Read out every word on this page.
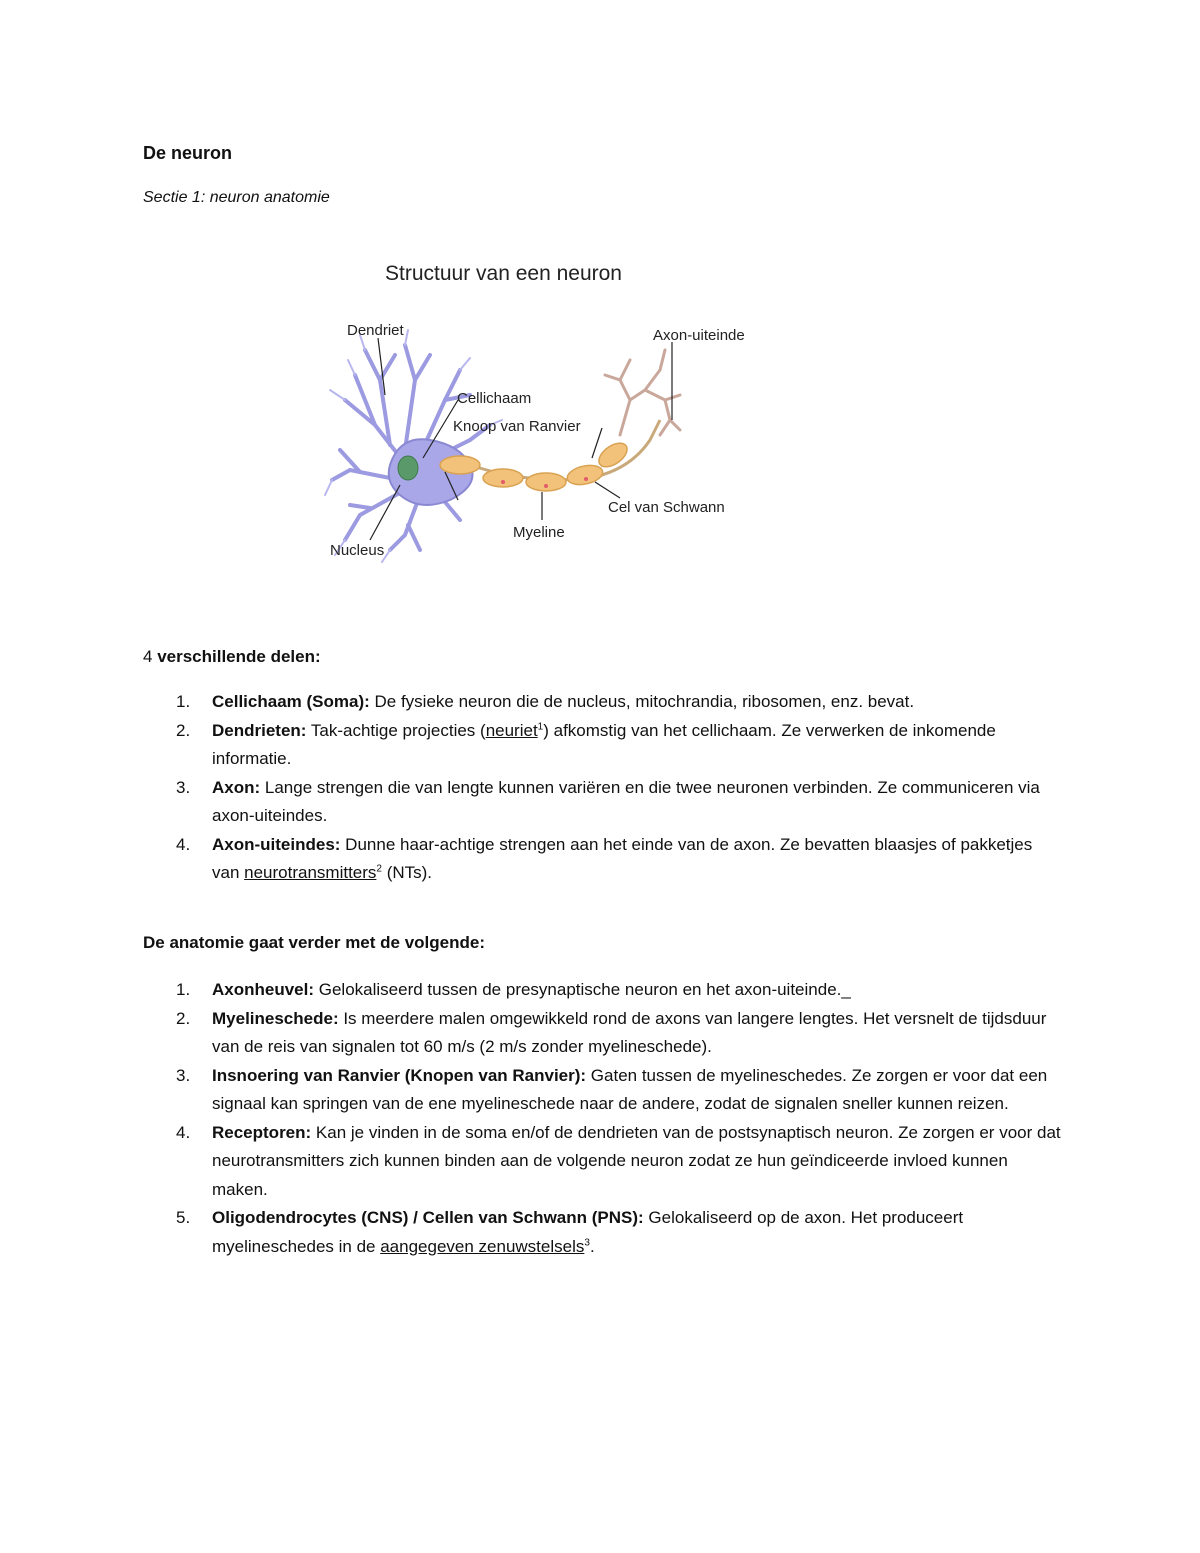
De neuron

Sectie 1: neuron anatomie

Structuur van een neuron
Dendriet	Axon-uiteinde
Cellichaam
Knoop van Ranvier
Nucleus
Myeline
Cel van Schwann
4 verschillende delen:
1. Cellichaam (Soma): De fysieke neuron die de nucleus, mitochrandia, ribosomen, enz. bevat.
2. Dendrieten: Tak-achtige projecties (neuriet$^1$) afkomstig van het cellichaam. Ze verwerken de inkomende informatie.
3. Axon: Lange strengen die van lengte kunnen variëren en die twee neuronen verbinden. Ze communiceren via axon-uiteindes.
4. Axon-uiteindes: Dunne haar-achtige strengen aan het einde van de axon. Ze bevatten blaasjes of pakketjes van neurotransmitters$^2$ (NTs).
De anatomie gaat verder met de volgende:
1. Axonheuvel: Gelokaliseerd tussen de presynaptische neuron en het axon-uiteinde._
2. Myelineschede: Is meerdere malen omgewikkeld rond de axons van langere lengtes. Het versnelt de tijdsduur van de reis van signalen tot 60 m/s (2 m/s zonder myelineschede).
3. Insnoering van Ranvier (Knopen van Ranvier): Gaten tussen de myelineschedes. Ze zorgen er voor dat een signaal kan springen van de ene myelineschede naar de andere, zodat de signalen sneller kunnen reizen.
4. Receptoren: Kan je vinden in de soma en/of de dendrieten van de postsynaptisch neuron. Ze zorgen er voor dat neurotransmitters zich kunnen binden aan de volgende neuron zodat ze hun geïndiceerde invloed kunnen maken.
5. Oligodendrocytes (CNS) / Cellen van Schwann (PNS): Gelokaliseerd op de axon. Het produceert myelineschedes in de aangegeven zenuwstelsels$^3$.
